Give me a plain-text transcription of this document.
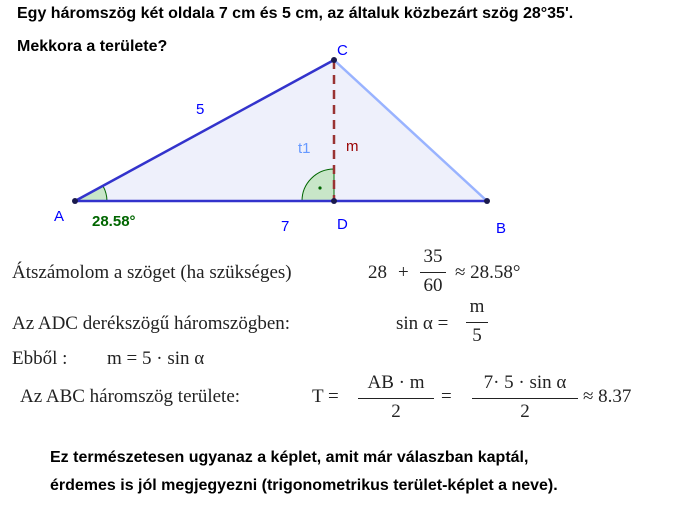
Egy háromszög két oldala 7 cm és 5 cm, az általuk közbezárt szög 28°35'.
Mekkora a területe?
A
B
C
D
5
7
t1 m
28.58°
Átszámolom a szöget (ha szükséges)	28 +
35
60
≈ 28.58°
Az ADC derékszögű háromszögben:	sin α =
m
5
Ebből : m = 5 · sin α
Az ABC háromszög területe:	T =
AB · m
2
=
7· 5 · sin α
2
≈ 8.37
Ez természetesen ugyanaz a képlet, amit már válaszban kaptál,
érdemes is jól megjegyezni (trigonometrikus terület-képlet a neve).
